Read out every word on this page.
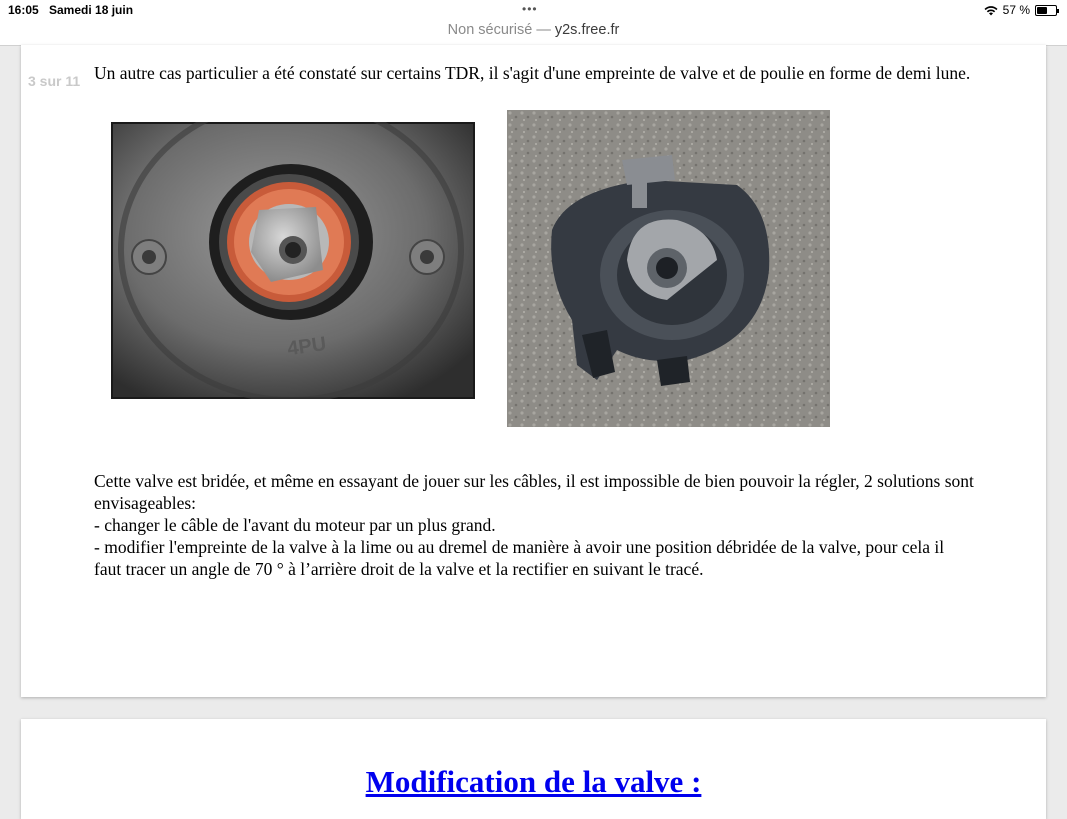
16:05 Samedi 18 juin	•••	57 %
Non sécurisé — y2s.free.fr
3 sur 11 Un autre cas particulier a été constaté sur certains TDR, il s'agit d'une empreinte de valve et de poulie en forme de demi lune.

4PU

Cette valve est bridée, et même en essayant de jouer sur les câbles, il est impossible de bien pouvoir la régler, 2 solutions sont envisageables:

- changer le câble de l'avant du moteur par un plus grand.

- modifier l'empreinte de la valve à la lime ou au dremel de manière à avoir une position débridée de la valve, pour cela il faut tracer un angle de 70 ° à l’arrière droit de la valve et la rectifier en suivant le tracé.

Modification de la valve :
